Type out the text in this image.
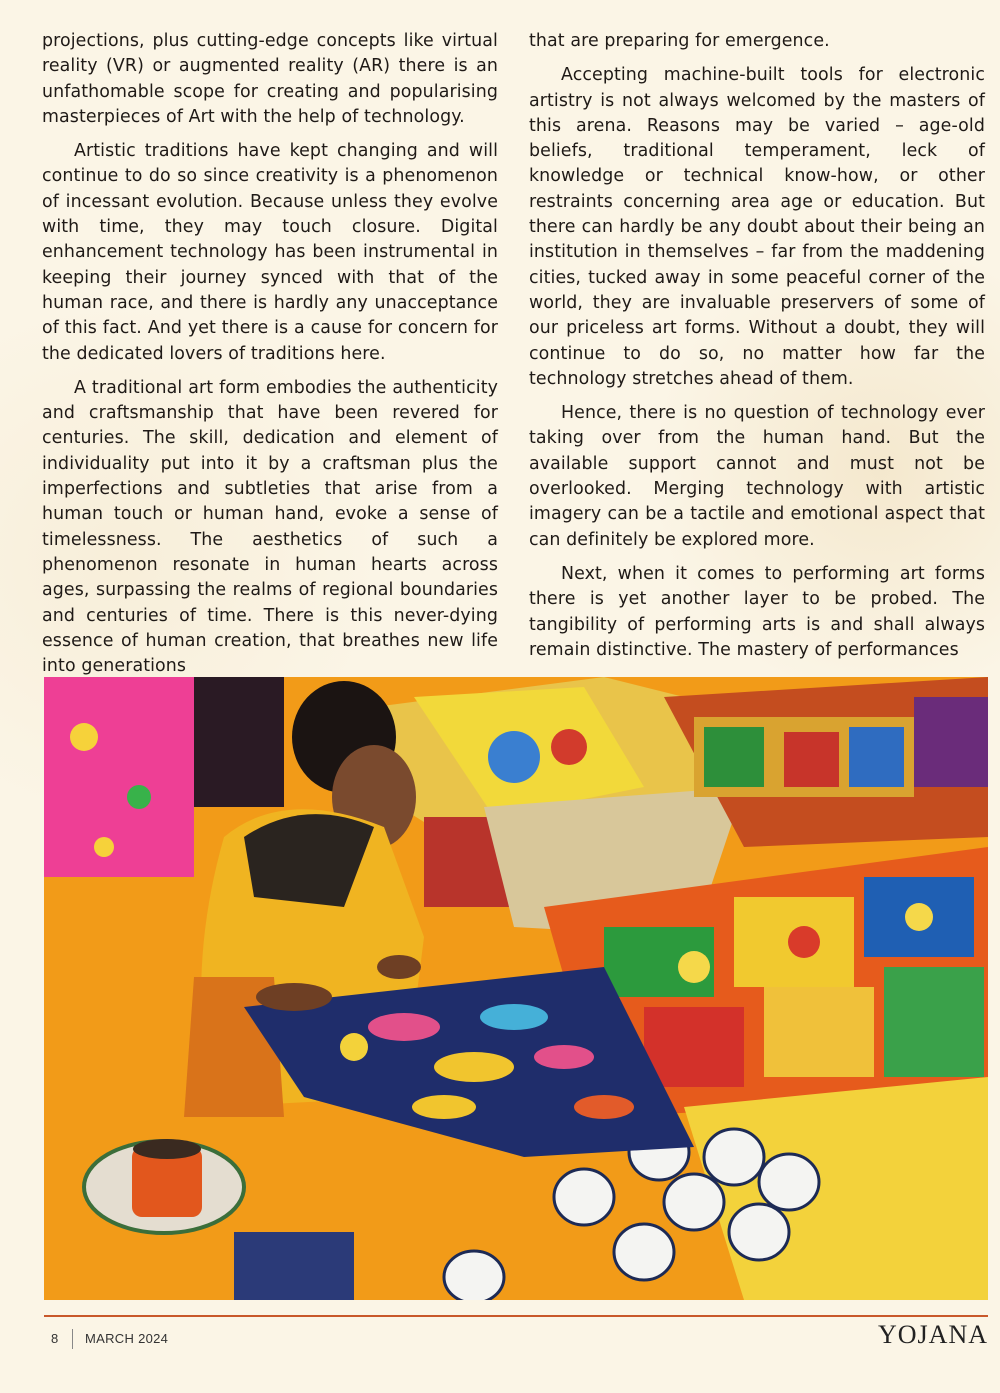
projections, plus cutting-edge concepts like virtual reality (VR) or augmented reality (AR) there is an unfathomable scope for creating and popularising masterpieces of Art with the help of technology.

Artistic traditions have kept changing and will continue to do so since creativity is a phenomenon of incessant evolution. Because unless they evolve with time, they may touch closure. Digital enhancement technology has been instrumental in keeping their journey synced with that of the human race, and there is hardly any unacceptance of this fact. And yet there is a cause for concern for the dedicated lovers of traditions here.

A traditional art form embodies the authenticity and craftsmanship that have been revered for centuries. The skill, dedication and element of individuality put into it by a craftsman plus the imperfections and subtleties that arise from a human touch or human hand, evoke a sense of timelessness. The aesthetics of such a phenomenon resonate in human hearts across ages, surpassing the realms of regional boundaries and centuries of time. There is this never-dying essence of human creation, that breathes new life into generations

that are preparing for emergence.

Accepting machine-built tools for electronic artistry is not always welcomed by the masters of this arena. Reasons may be varied – age-old beliefs, traditional temperament, leck of knowledge or technical know-how, or other restraints concerning area age or education. But there can hardly be any doubt about their being an institution in themselves – far from the maddening cities, tucked away in some peaceful corner of the world, they are invaluable preservers of some of our priceless art forms. Without a doubt, they will continue to do so, no matter how far the technology stretches ahead of them.

Hence, there is no question of technology ever taking over from the human hand. But the available support cannot and must not be overlooked. Merging technology with artistic imagery can be a tactile and emotional aspect that can definitely be explored more.

Next, when it comes to performing art forms there is yet another layer to be probed. The tangibility of performing arts is and shall always remain distinctive. The mastery of performances

8 MARCH 2024	YOJANA
